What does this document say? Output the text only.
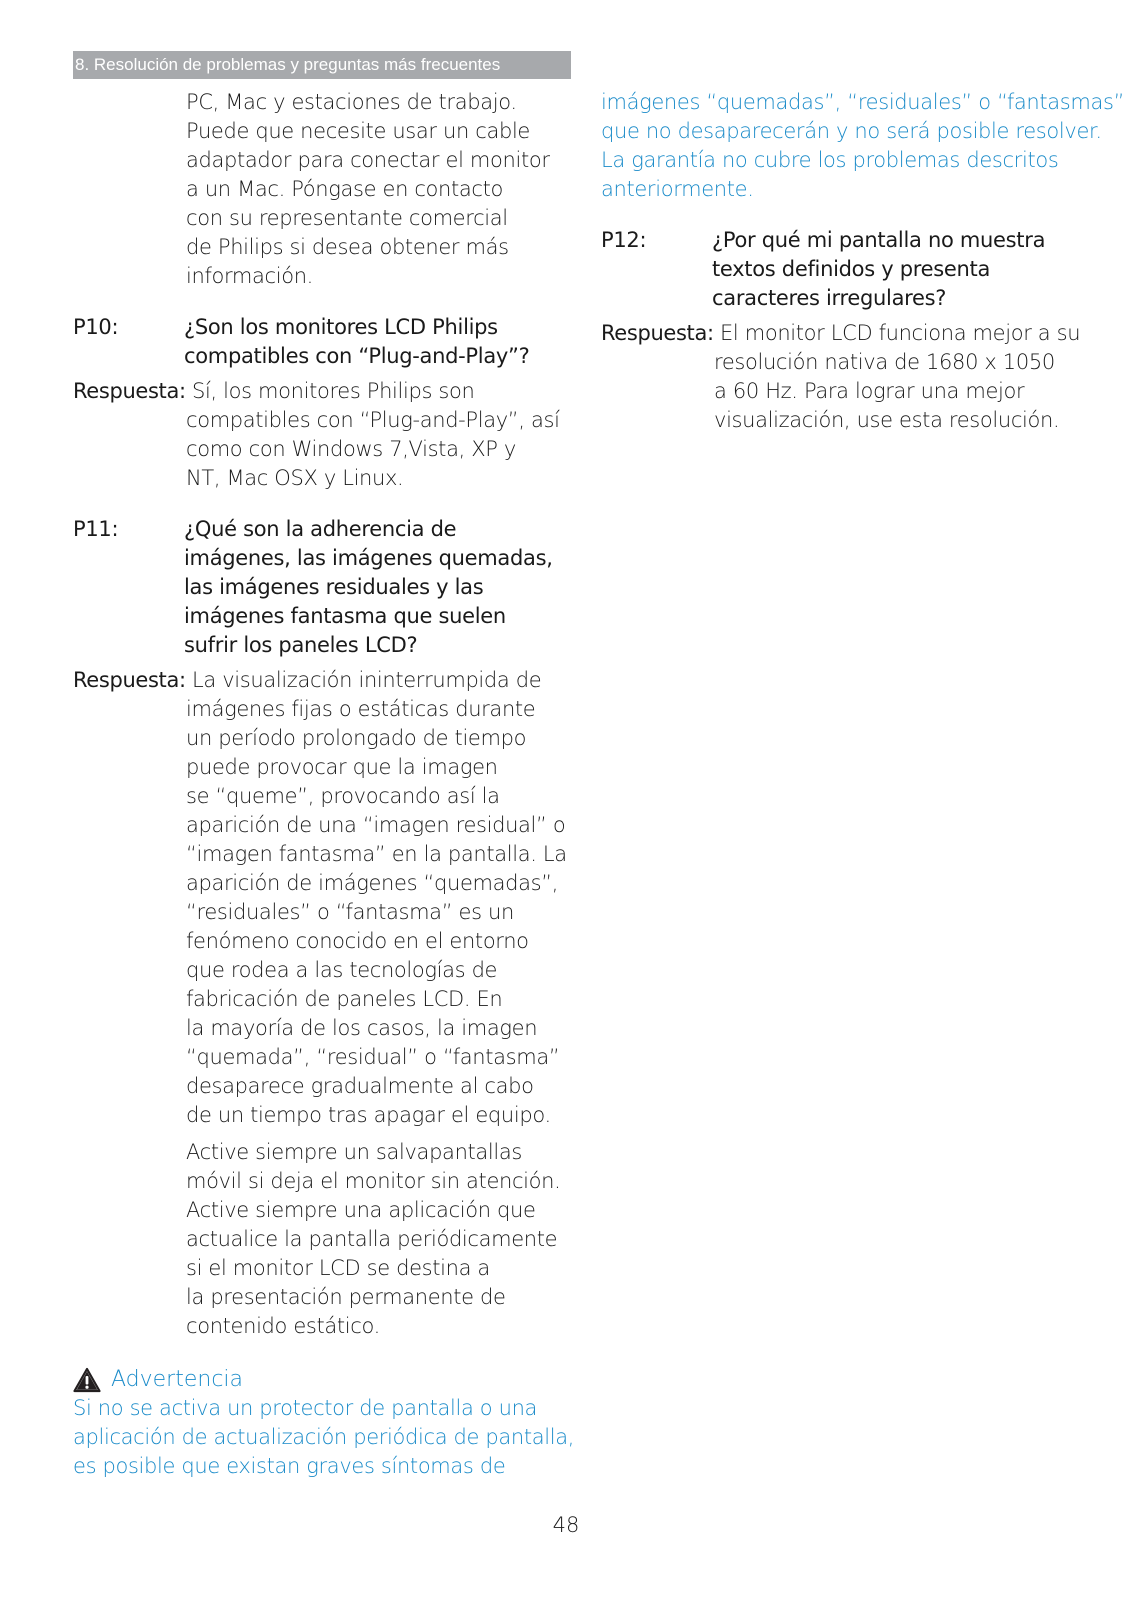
8. Resolución de problemas y preguntas más frecuentes

PC, Mac y estaciones de trabajo.
Puede que necesite usar un cable
adaptador para conectar el monitor
a un Mac. Póngase en contacto
con su representante comercial
de Philips si desea obtener más
información.

P10:	¿Son los monitores LCD Philips
compatibles con “Plug-and-Play”?
Respuesta: Sí, los monitores Philips son
compatibles con “Plug-and-Play”, así
como con Windows 7,Vista, XP y
NT, Mac OSX y Linux.
P11:	¿Qué son la adherencia de
imágenes, las imágenes quemadas,
las imágenes residuales y las
imágenes fantasma que suelen
sufrir los paneles LCD?
Respuesta: La visualización ininterrumpida de
imágenes fijas o estáticas durante
un período prolongado de tiempo
puede provocar que la imagen
se “queme”, provocando así la
aparición de una “imagen residual” o
“imagen fantasma” en la pantalla. La
aparición de imágenes “quemadas”,
“residuales” o “fantasma” es un
fenómeno conocido en el entorno
que rodea a las tecnologías de
fabricación de paneles LCD. En
la mayoría de los casos, la imagen
“quemada”, “residual” o “fantasma”
desaparece gradualmente al cabo
de un tiempo tras apagar el equipo.
Active siempre un salvapantallas
móvil si deja el monitor sin atención.
Active siempre una aplicación que
actualice la pantalla periódicamente
si el monitor LCD se destina a
la presentación permanente de
contenido estático.
Advertencia

Si no se activa un protector de pantalla o una
aplicación de actualización periódica de pantalla,
es posible que existan graves síntomas de

imágenes “quemadas”, “residuales” o “fantasmas”
que no desaparecerán y no será posible resolver.
La garantía no cubre los problemas descritos
anteriormente.

P12:	¿Por qué mi pantalla no muestra
textos definidos y presenta
caracteres irregulares?
Respuesta: El monitor LCD funciona mejor a su
resolución nativa de 1680 x 1050
a 60 Hz. Para lograr una mejor
visualización, use esta resolución.
48
